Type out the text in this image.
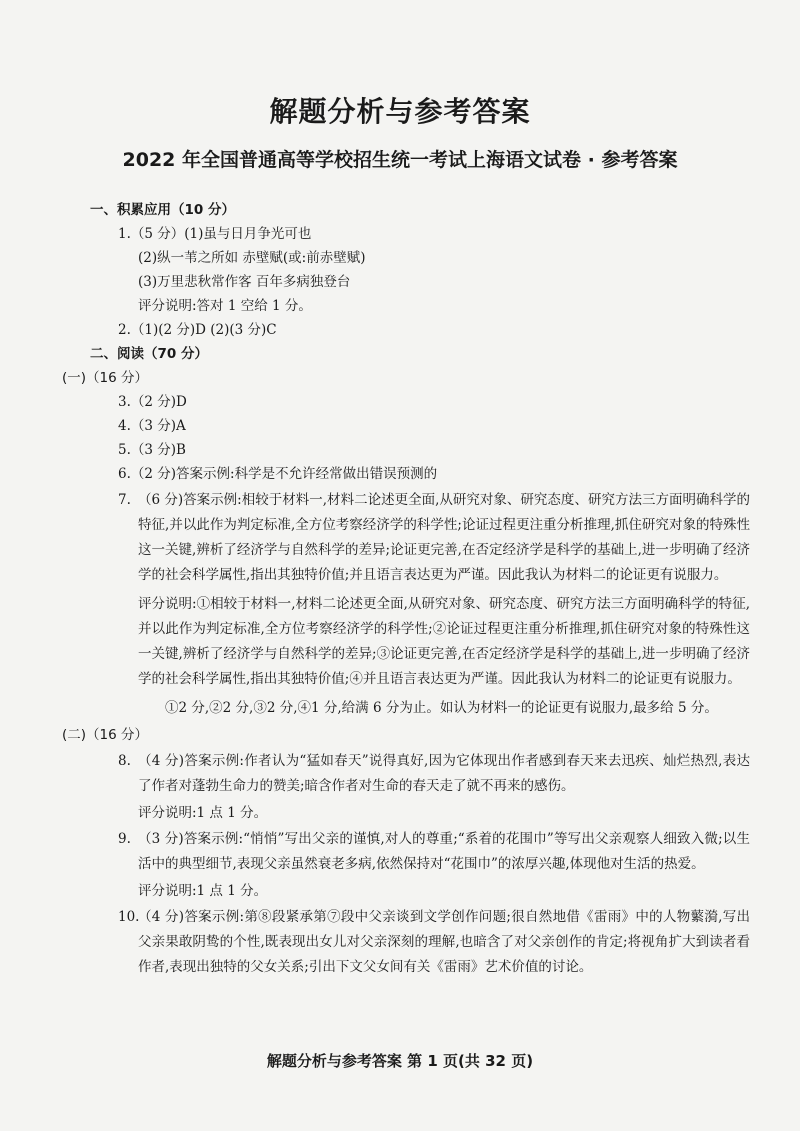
解题分析与参考答案
2022 年全国普通高等学校招生统一考试上海语文试卷 · 参考答案
一、积累应用（10 分）
1.（5 分）(1)虽与日月争光可也
(2)纵一苇之所如 赤壁赋(或:前赤壁赋)
(3)万里悲秋常作客 百年多病独登台
评分说明:答对 1 空给 1 分。
2.（1)(2 分)D (2)(3 分)C
二、阅读（70 分）
(一)（16 分）
3.（2 分)D
4.（3 分)A
5.（3 分)B
6.（2 分)答案示例:科学是不允许经常做出错误预测的
7. （6 分)答案示例:相较于材料一,材料二论述更全面,从研究对象、研究态度、研究方法三方面明确科学的特征,并以此作为判定标准,全方位考察经济学的科学性;论证过程更注重分析推理,抓住研究对象的特殊性这一关键,辨析了经济学与自然科学的差异;论证更完善,在否定经济学是科学的基础上,进一步明确了经济学的社会科学属性,指出其独特价值;并且语言表达更为严谨。因此我认为材料二的论证更有说服力。
评分说明:①相较于材料一,材料二论述更全面,从研究对象、研究态度、研究方法三方面明确科学的特征,并以此作为判定标准,全方位考察经济学的科学性;②论证过程更注重分析推理,抓住研究对象的特殊性这一关键,辨析了经济学与自然科学的差异;③论证更完善,在否定经济学是科学的基础上,进一步明确了经济学的社会科学属性,指出其独特价值;④并且语言表达更为严谨。因此我认为材料二的论证更有说服力。
①2 分,②2 分,③2 分,④1 分,给满 6 分为止。如认为材料一的论证更有说服力,最多给 5 分。
(二)（16 分）
8. （4 分)答案示例:作者认为“猛如春天”说得真好,因为它体现出作者感到春天来去迅疾、灿烂热烈,表达了作者对蓬勃生命力的赞美;暗含作者对生命的春天走了就不再来的感伤。
评分说明:1 点 1 分。
9. （3 分)答案示例:“悄悄”写出父亲的谨慎,对人的尊重;“系着的花围巾”等写出父亲观察人细致入微;以生活中的典型细节,表现父亲虽然衰老多病,依然保持对“花围巾”的浓厚兴趣,体现他对生活的热爱。
评分说明:1 点 1 分。
10.
（4 分)答案示例:第⑧段紧承第⑦段中父亲谈到文学创作问题;很自然地借《雷雨》中的人物蘩漪,写出父亲果敢阴鸷的个性,既表现出女儿对父亲深刻的理解,也暗含了对父亲创作的肯定;将视角扩大到读者看作者,表现出独特的父女关系;引出下文父女间有关《雷雨》艺术价值的讨论。
解题分析与参考答案 第 1 页(共 32 页)
